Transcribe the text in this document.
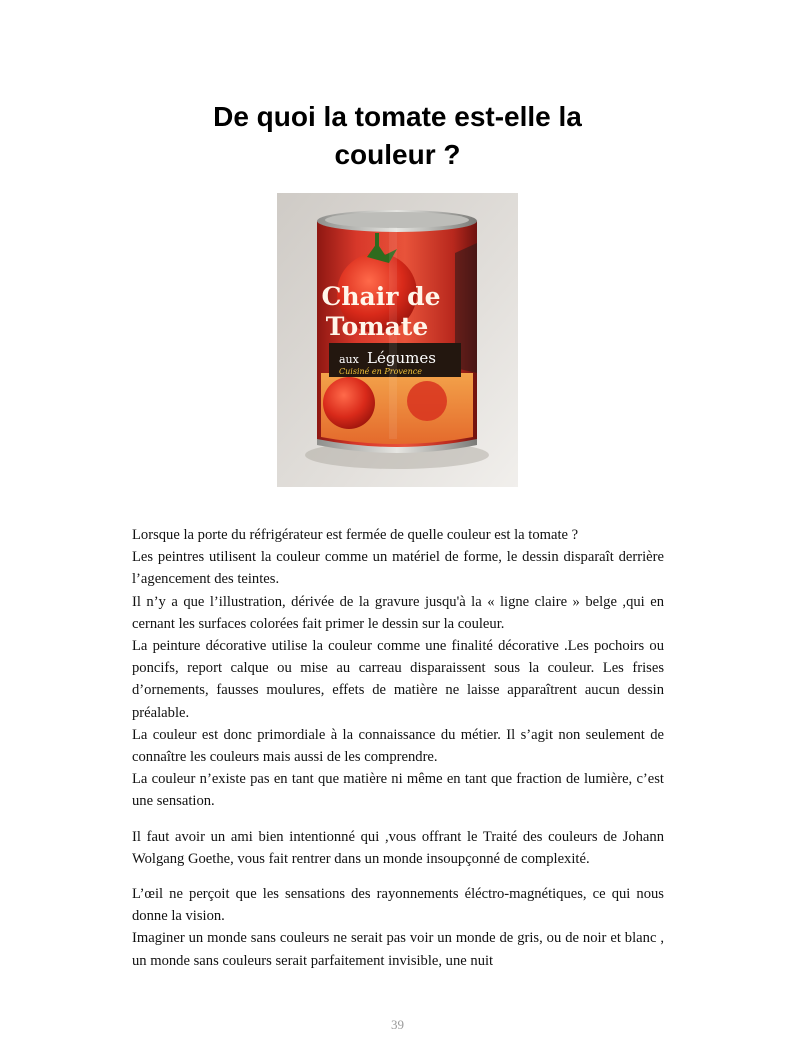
De quoi la tomate est-elle la
couleur ?
Chair de
Tomate
aux Légumes
Cuisiné en Provence

Lorsque la porte du réfrigérateur est fermée de quelle couleur est la tomate ?

Les peintres utilisent la couleur comme un matériel de forme, le dessin disparaît derrière l’agencement des teintes.

Il n’y a que l’illustration, dérivée de la gravure jusqu'à la « ligne claire » belge ,qui en cernant les surfaces colorées fait primer le dessin sur la couleur.

La peinture décorative utilise la couleur comme une finalité décorative .Les pochoirs ou poncifs, report calque ou mise au carreau disparaissent sous la couleur. Les frises d’ornements, fausses moulures, effets de matière ne laisse apparaîtrent aucun dessin préalable.

La couleur est donc primordiale à la connaissance du métier. Il s’agit non seulement de connaître les couleurs mais aussi de les comprendre.

La couleur n’existe pas en tant que matière ni même en tant que fraction de lumière, c’est une sensation.

Il faut avoir un ami bien intentionné qui ,vous offrant le Traité des couleurs de Johann Wolgang Goethe, vous fait rentrer dans un monde insoupçonné de complexité.

L’œil ne perçoit que les sensations des rayonnements éléctro-magnétiques, ce qui nous donne la vision.

Imaginer un monde sans couleurs ne serait pas voir un monde de gris, ou de noir et blanc , un monde sans couleurs serait parfaitement invisible, une nuit

39
